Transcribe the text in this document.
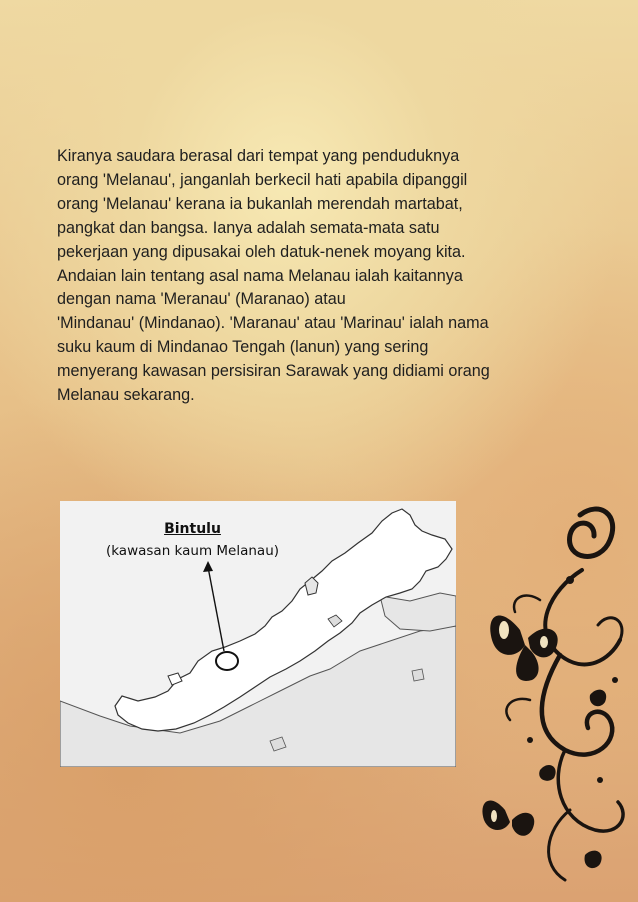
Kiranya saudara berasal dari tempat yang penduduknya
orang 'Melanau', janganlah berkecil hati apabila dipanggil
orang 'Melanau' kerana ia bukanlah merendah martabat,
pangkat dan bangsa. Ianya adalah semata-mata satu
pekerjaan yang dipusakai oleh datuk-nenek moyang kita.
Andaian lain tentang asal nama Melanau ialah kaitannya
dengan nama 'Meranau' (Maranao) atau
'Mindanau' (Mindanao). 'Maranau' atau 'Marinau' ialah nama
suku kaum di Mindanao Tengah (lanun) yang sering
menyerang kawasan persisiran Sarawak yang didiami orang
Melanau sekarang.
Bintulu
(kawasan kaum Melanau)
